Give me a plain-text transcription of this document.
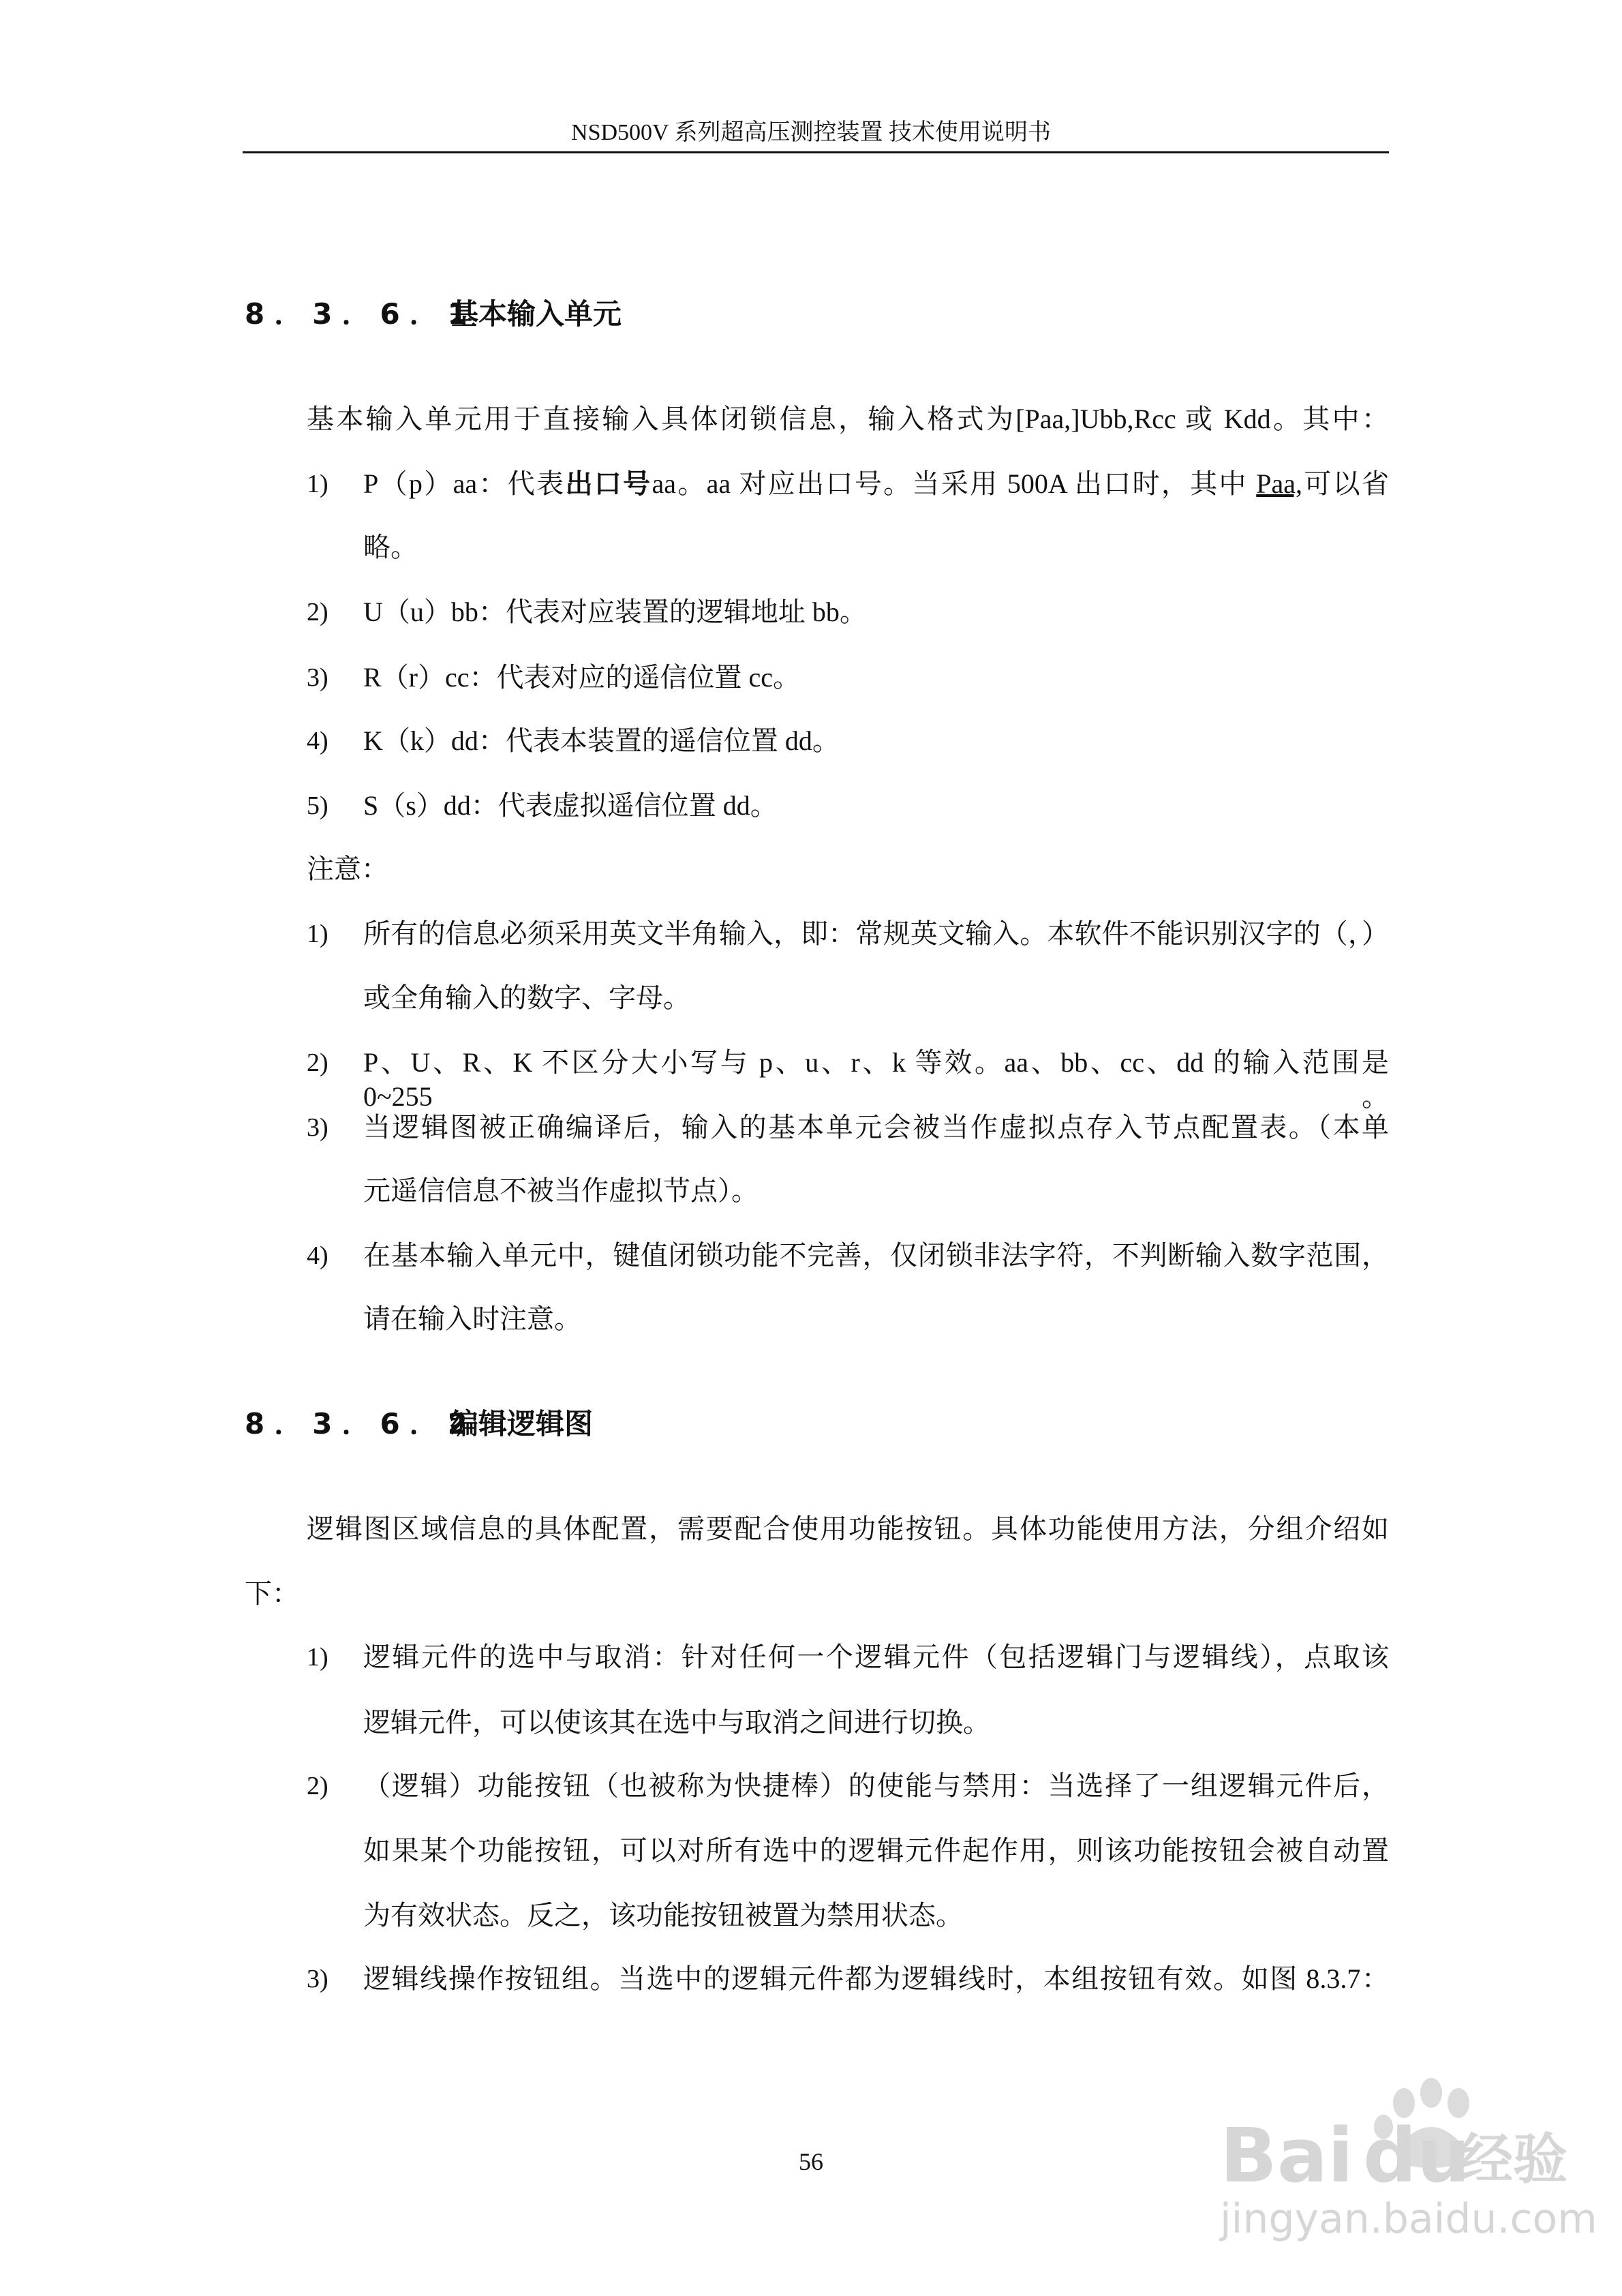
NSD500V 系列超高压测控装置 技术使用说明书
8．3．6．1
基本输入单元
基本输入单元用于直接输入具体闭锁信息，输入格式为[Paa,]Ubb,Rcc 或 Kdd。其中：
1) P（p）aa：代表出口号aa。aa 对应出口号。当采用 500A 出口时，其中 Paa,可以省
略。
2) U（u）bb：代表对应装置的逻辑地址 bb。
3) R（r）cc：代表对应的遥信位置 cc。
4) K（k）dd：代表本装置的遥信位置 dd。
5) S（s）dd：代表虚拟遥信位置 dd。
注意：
1) 所有的信息必须采用英文半角输入，即：常规英文输入。本软件不能识别汉字的（，）
或全角输入的数字、字母。
2) P、U、R、K 不区分大小写与 p、u、r、k 等效。aa、bb、cc、dd 的输入范围是 0~255。
3) 当逻辑图被正确编译后，输入的基本单元会被当作虚拟点存入节点配置表。（本单
元遥信信息不被当作虚拟节点）。
4) 在基本输入单元中，键值闭锁功能不完善，仅闭锁非法字符，不判断输入数字范围，
请在输入时注意。
8．3．6．2
编辑逻辑图
逻辑图区域信息的具体配置，需要配合使用功能按钮。具体功能使用方法，分组介绍如
下：
1) 逻辑元件的选中与取消：针对任何一个逻辑元件（包括逻辑门与逻辑线），点取该
逻辑元件，可以使该其在选中与取消之间进行切换。
2) （逻辑）功能按钮（也被称为快捷棒）的使能与禁用：当选择了一组逻辑元件后，
如果某个功能按钮，可以对所有选中的逻辑元件起作用，则该功能按钮会被自动置
为有效状态。反之，该功能按钮被置为禁用状态。
3) 逻辑线操作按钮组。当选中的逻辑元件都为逻辑线时，本组按钮有效。如图 8.3.7：
56	Bai du
经验
jingyan.baidu.com
